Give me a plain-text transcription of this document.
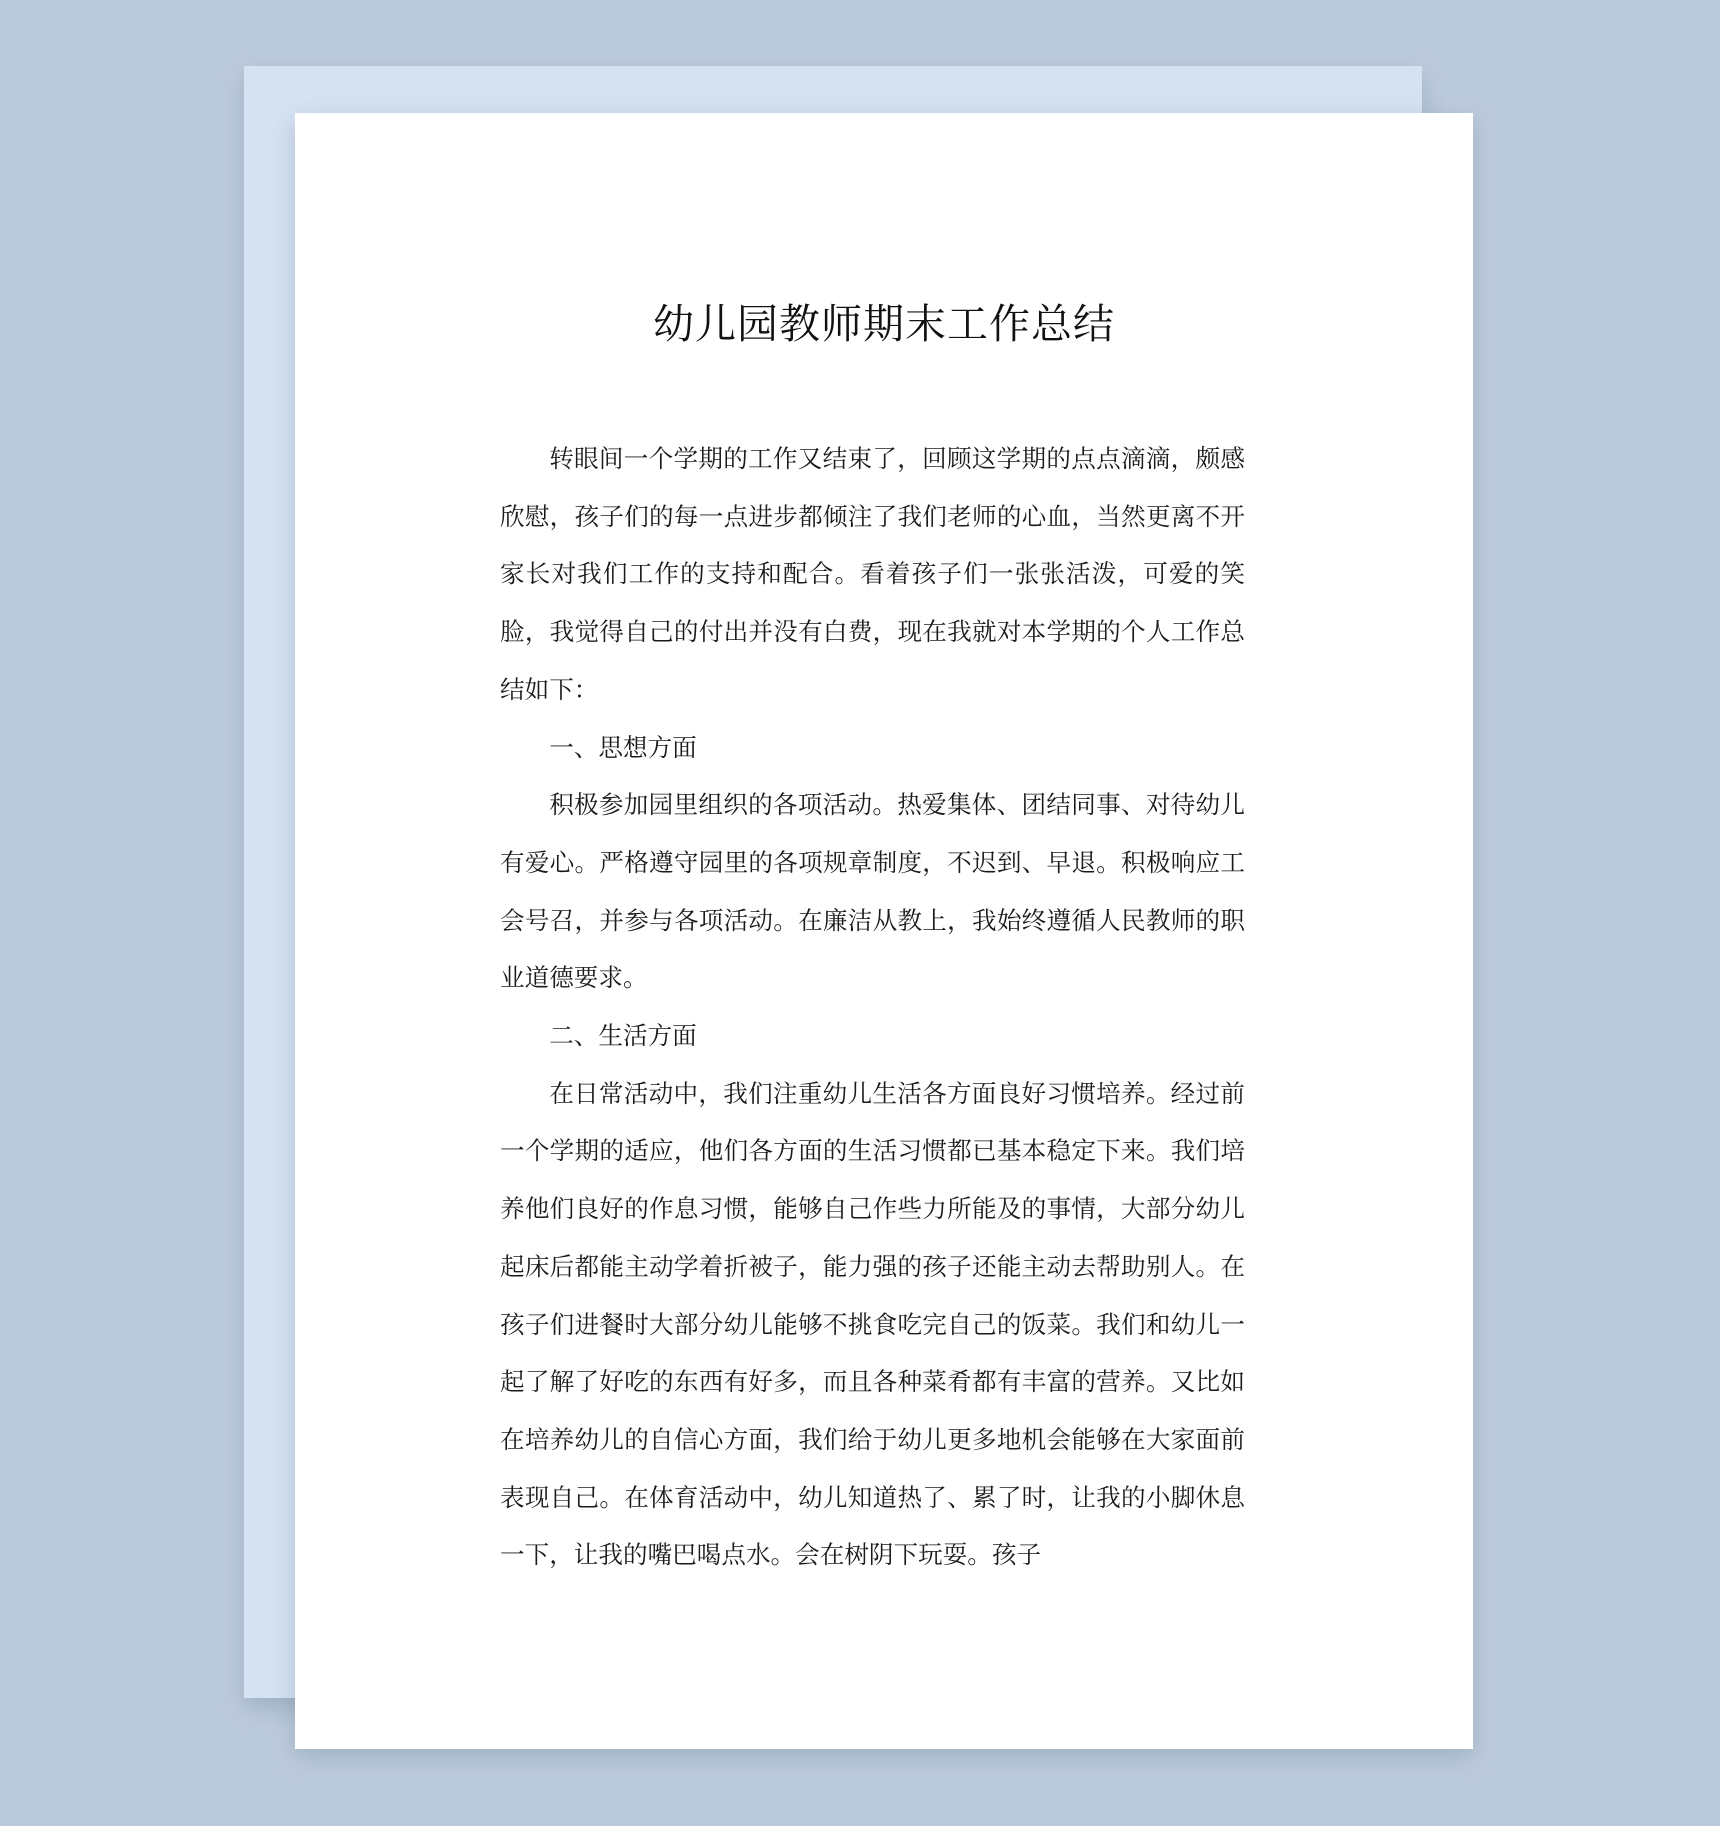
幼儿园教师期末工作总结

转眼间一个学期的工作又结束了，回顾这学期的点点滴滴，颇感欣慰，孩子们的每一点进步都倾注了我们老师的心血，当然更离不开家长对我们工作的支持和配合。看着孩子们一张张活泼，可爱的笑脸，我觉得自己的付出并没有白费，现在我就对本学期的个人工作总结如下：

一、思想方面

积极参加园里组织的各项活动。热爱集体、团结同事、对待幼儿有爱心。严格遵守园里的各项规章制度，不迟到、早退。积极响应工会号召，并参与各项活动。在廉洁从教上，我始终遵循人民教师的职业道德要求。

二、生活方面

在日常活动中，我们注重幼儿生活各方面良好习惯培养。经过前一个学期的适应，他们各方面的生活习惯都已基本稳定下来。我们培养他们良好的作息习惯，能够自己作些力所能及的事情，大部分幼儿起床后都能主动学着折被子，能力强的孩子还能主动去帮助别人。在孩子们进餐时大部分幼儿能够不挑食吃完自己的饭菜。我们和幼儿一起了解了好吃的东西有好多，而且各种菜肴都有丰富的营养。又比如在培养幼儿的自信心方面，我们给于幼儿更多地机会能够在大家面前表现自己。在体育活动中，幼儿知道热了、累了时，让我的小脚休息一下，让我的嘴巴喝点水。会在树阴下玩耍。孩子
